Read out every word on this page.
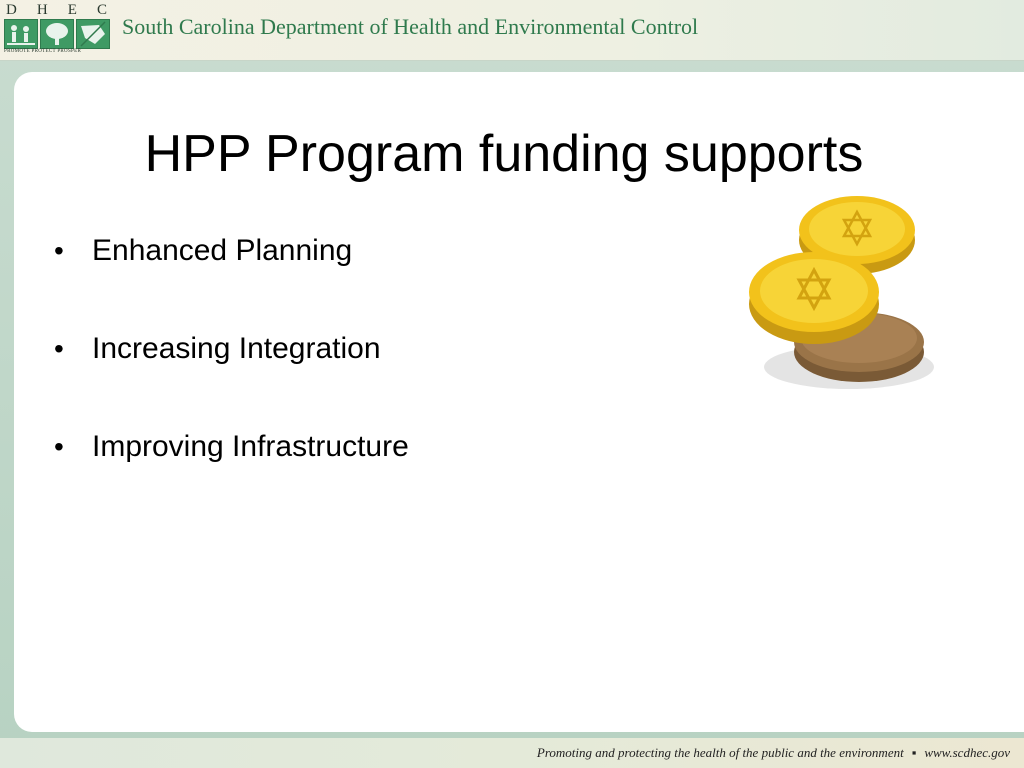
D H E C
PROMOTE PROTECT PROSPER
South Carolina Department of Health and Environmental Control
HPP Program funding supports
• Enhanced Planning
• Increasing Integration
• Improving Infrastructure
Promoting and protecting the health of the public and the environment ▪ www.scdhec.gov
